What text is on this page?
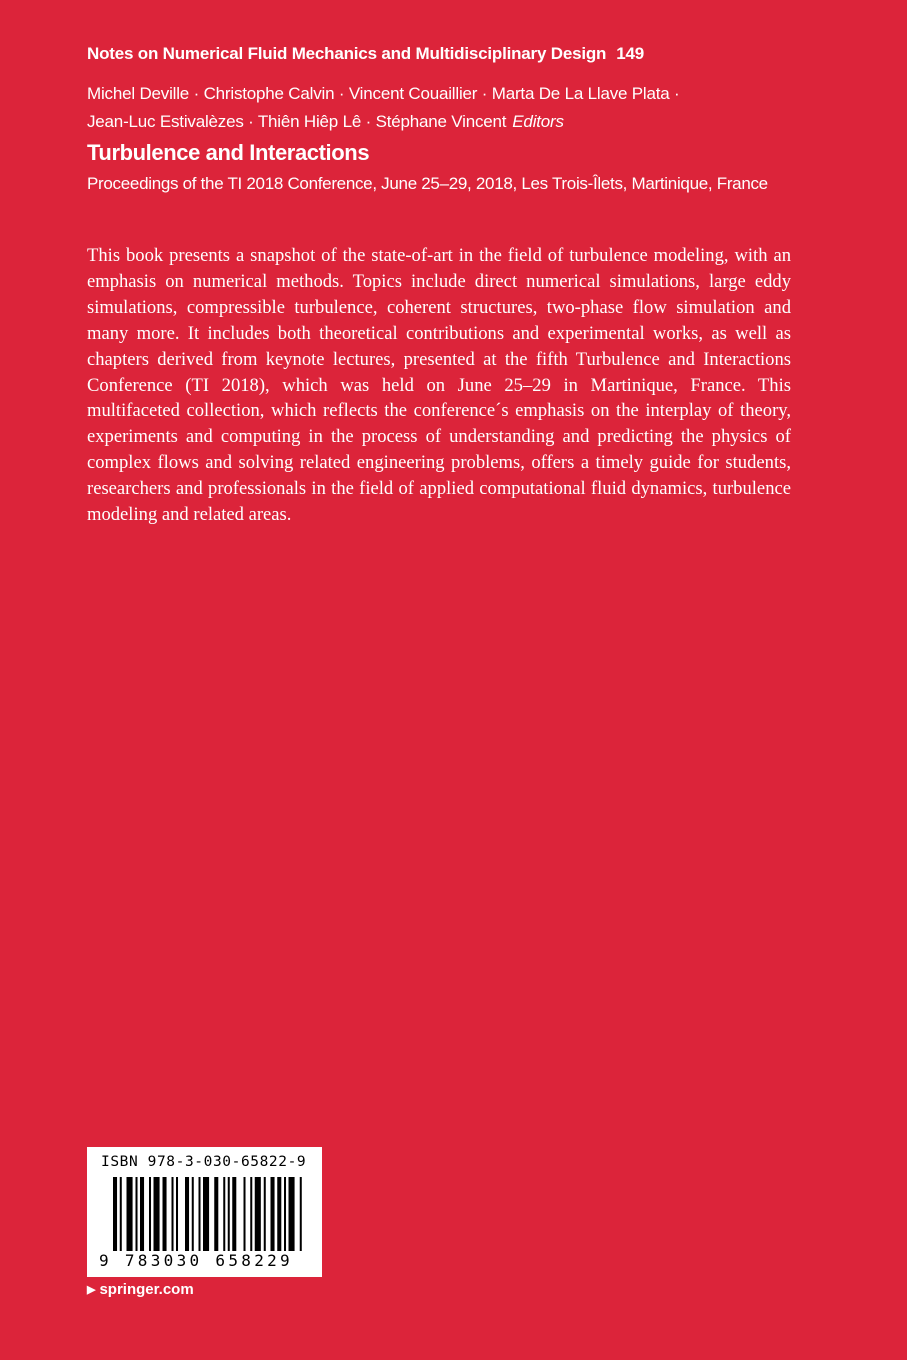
Notes on Numerical Fluid Mechanics and Multidisciplinary Design 149
Michel Deville · Christophe Calvin · Vincent Couaillier · Marta De La Llave Plata ·
Jean-Luc Estivalèzes · Thiên Hiêp Lê · Stéphane Vincent Editors
Turbulence and Interactions
Proceedings of the TI 2018 Conference, June 25–29, 2018, Les Trois-Îlets, Martinique, France

This book presents a snapshot of the state-of-art in the field of turbulence modeling, with an emphasis on numerical methods. Topics include direct numerical simulations, large eddy simulations, compressible turbulence, coherent structures, two-phase flow simulation and many more. It includes both theoretical contributions and experimental works, as well as chapters derived from keynote lectures, presented at the fifth Turbulence and Interactions Conference (TI 2018), which was held on June 25–29 in Martinique, France. This multifaceted collection, which reflects the conference´s emphasis on the interplay of theory, experiments and computing in the process of understanding and predicting the physics of complex flows and solving related engineering problems, offers a timely guide for students, researchers and professionals in the field of applied computational fluid dynamics, turbulence modeling and related areas.

ISBN 978-3-030-65822-9
9 783030 658229
▶ springer.com
